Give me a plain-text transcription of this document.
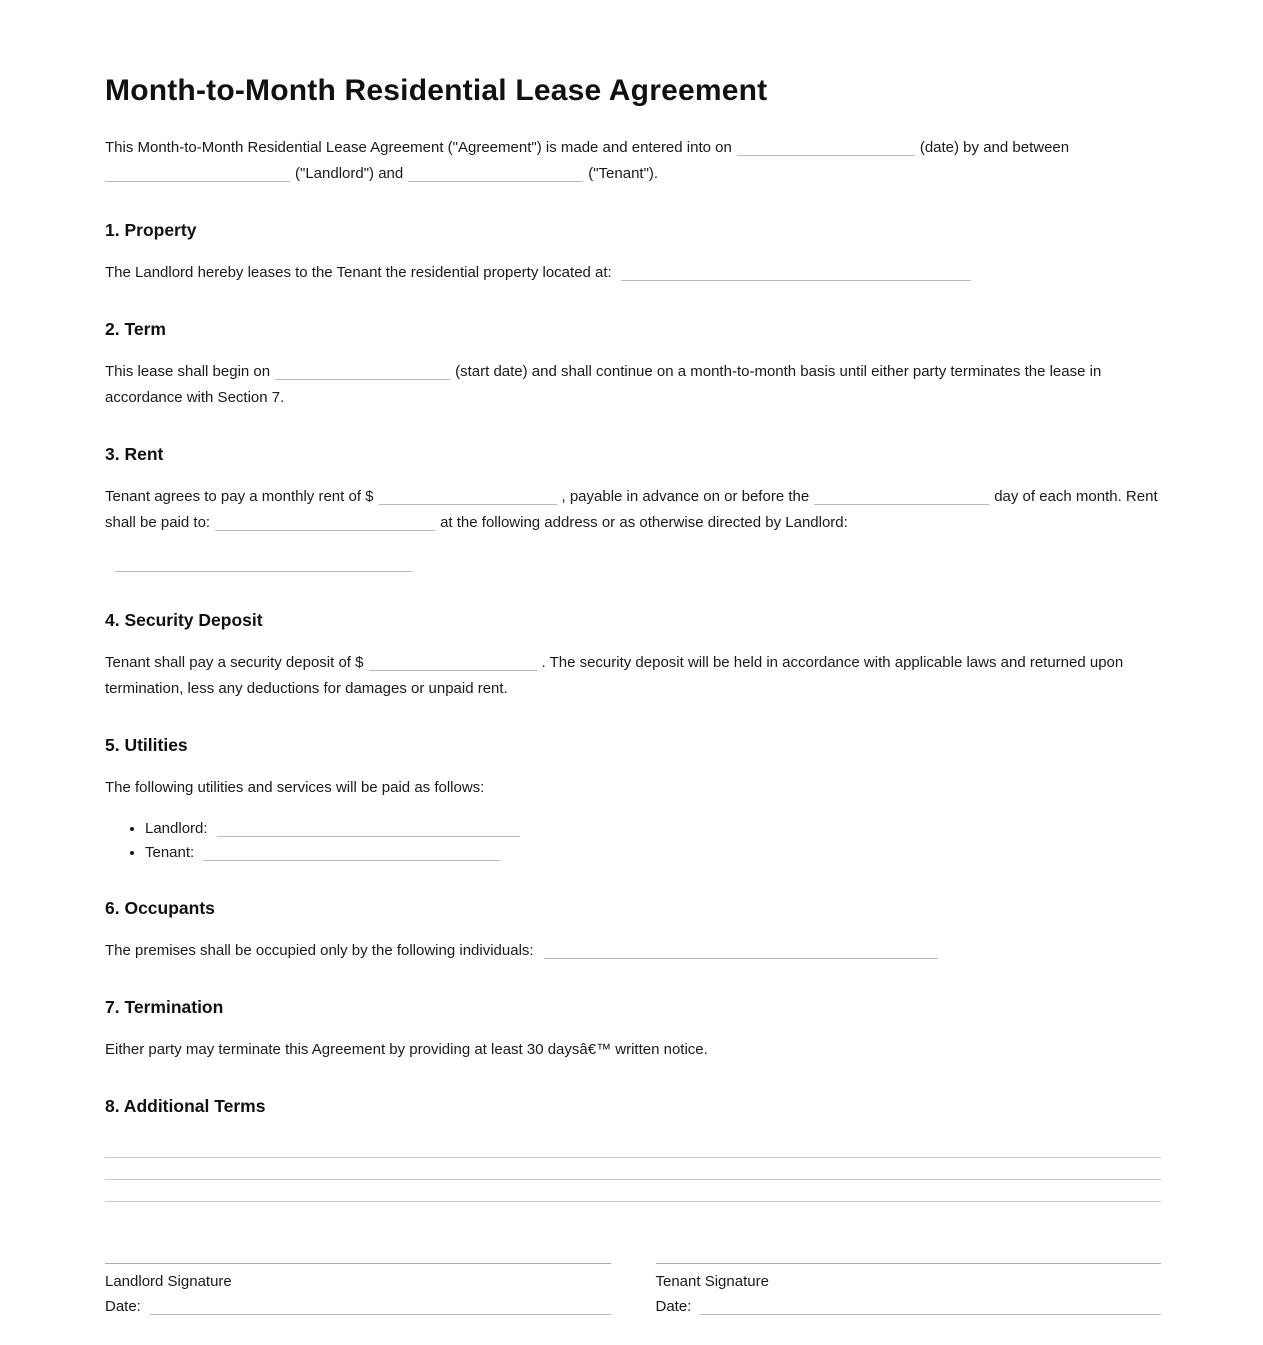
Month-to-Month Residential Lease Agreement

This Month-to-Month Residential Lease Agreement ("Agreement") is made and entered into on	(date) by and between ("Landlord") and	("Tenant").

1. Property

The Landlord hereby leases to the Tenant the residential property located at:

2. Term

This lease shall begin on	(start date) and shall continue on a month-to-month basis until either party terminates the lease in accordance with Section 7.

3. Rent

Tenant agrees to pay a monthly rent of $	, payable in advance on or before the	day of each month. Rent shall be paid to:	at the following address or as otherwise directed by Landlord:

4. Security Deposit

Tenant shall pay a security deposit of $	. The security deposit will be held in accordance with applicable laws and returned upon termination, less any deductions for damages or unpaid rent.

5. Utilities

The following utilities and services will be paid as follows:

• Landlord:
• Tenant:
6. Occupants

The premises shall be occupied only by the following individuals:

7. Termination

Either party may terminate this Agreement by providing at least 30 daysâ€™ written notice.

8. Additional Terms
Landlord Signature
Date:
Tenant Signature
Date:
